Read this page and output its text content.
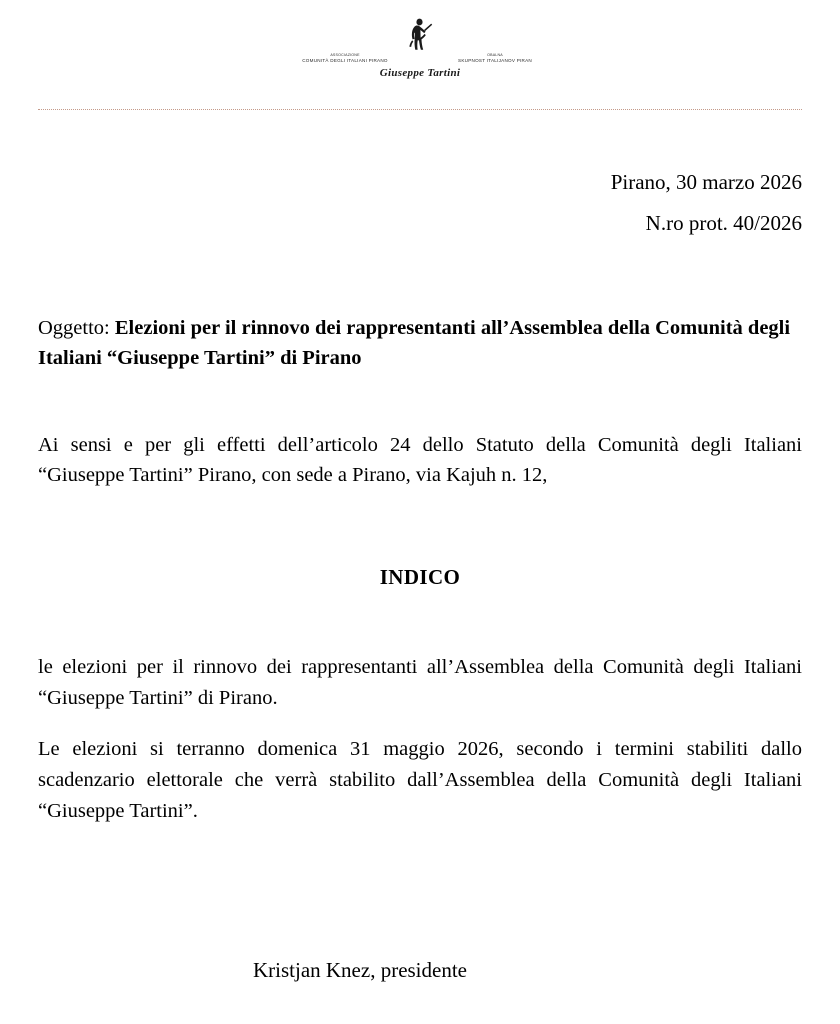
ASSOCIAZIONE
COMUNITÀ DEGLI ITALIANI PIRANO
OBALNA
SKUPNOST ITALIJANOV PIRAN
Giuseppe Tartini
Pirano, 30 marzo 2026
N.ro prot. 40/2026
Oggetto: Elezioni per il rinnovo dei rappresentanti all’Assemblea della Comunità degli Italiani “Giuseppe Tartini” di Pirano

Ai sensi e per gli effetti dell’articolo 24 dello Statuto della Comunità degli Italiani “Giuseppe Tartini” Pirano, con sede a Pirano, via Kajuh n. 12,

INDICO

le elezioni per il rinnovo dei rappresentanti all’Assemblea della Comunità degli Italiani “Giuseppe Tartini” di Pirano.

Le elezioni si terranno domenica 31 maggio 2026, secondo i termini stabiliti dallo scadenzario elettorale che verrà stabilito dall’Assemblea della Comunità degli Italiani “Giuseppe Tartini”.

Kristjan Knez, presidente
